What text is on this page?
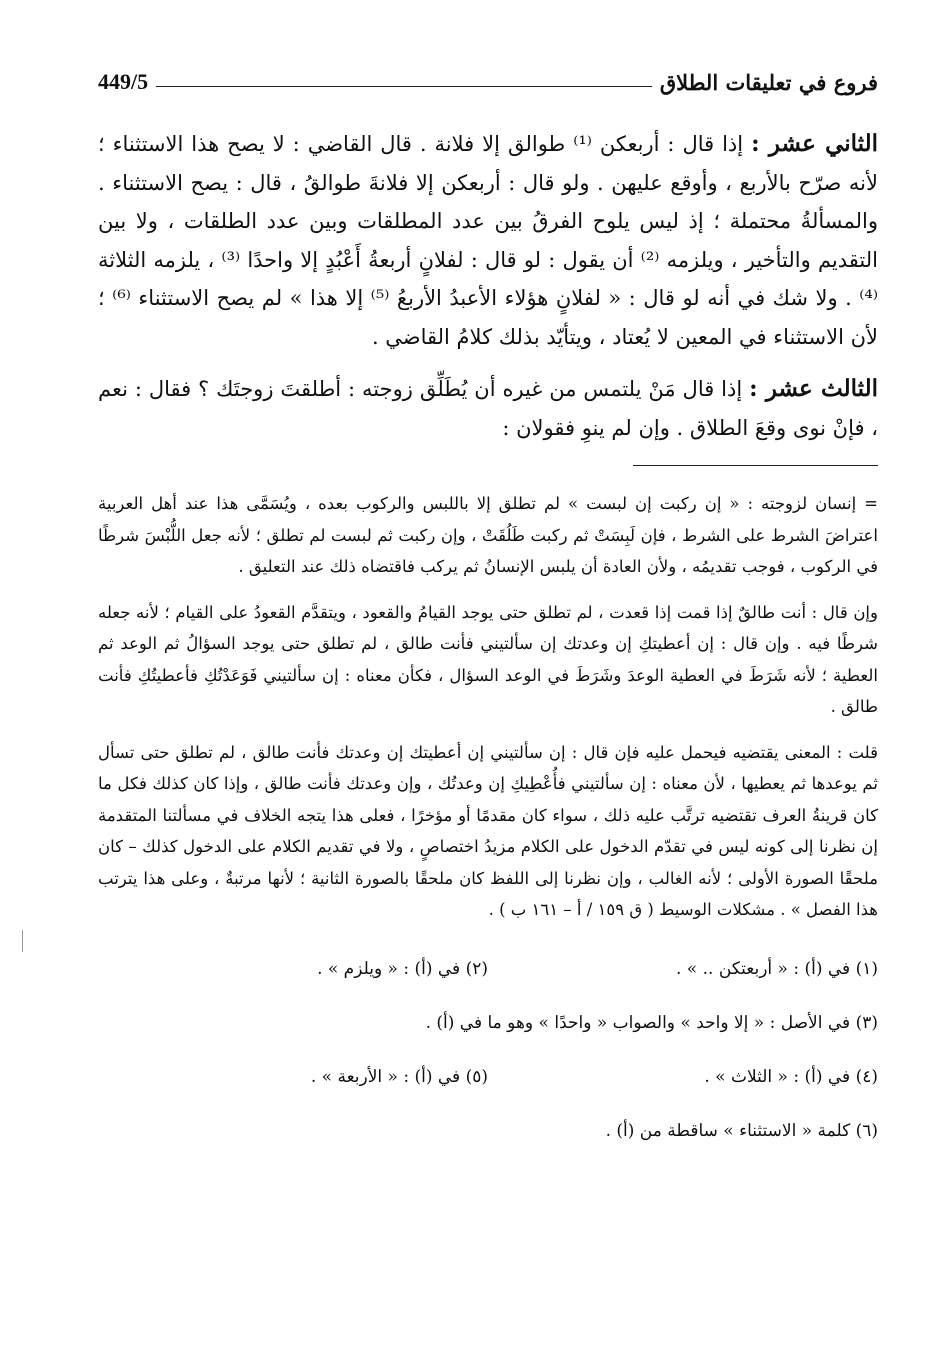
فروع في تعليقات الطلاق
449/5

الثاني عشر : إذا قال : أربعكن ⁽¹⁾ طوالق إلا فلانة . قال القاضي : لا يصح هذا الاستثناء ؛ لأنه صرّح بالأربع ، وأوقع عليهن . ولو قال : أربعكن إلا فلانةَ طوالقُ ، قال : يصح الاستثناء . والمسألةُ محتملة ؛ إذ ليس يلوح الفرقُ بين عدد المطلقات وبين عدد الطلقات ، ولا بين التقديم والتأخير ، ويلزمه ⁽²⁾ أن يقول : لو قال : لفلانٍ أربعةُ أَعْبُدٍ إلا واحدًا ⁽³⁾ ، يلزمه الثلاثة ⁽⁴⁾ . ولا شك في أنه لو قال : « لفلانٍ هؤلاء الأعبدُ الأربعُ ⁽⁵⁾ إلا هذا » لم يصح الاستثناء ⁽⁶⁾ ؛ لأن الاستثناء في المعين لا يُعتاد ، ويتأيّد بذلك كلامُ القاضي .

الثالث عشر : إذا قال مَنْ يلتمس من غيره أن يُطَلِّق زوجته : أطلقتَ زوجتَك ؟ فقال : نعم ، فإنْ نوى وقعَ الطلاق . وإن لم ينوِ فقولان :

= إنسان لزوجته : « إن ركبت إن لبست » لم تطلق إلا باللبس والركوب بعده ، ويُسَمَّى هذا عند أهل العربية اعتراضَ الشرط على الشرط ، فإن لَبِسَتْ ثم ركبت طَلُقَتْ ، وإن ركبت ثم لبست لم تطلق ؛ لأنه جعل اللُّبْسَ شرطًا في الركوب ، فوجب تقديمُه ، ولأن العادة أن يلبس الإنسانُ ثم يركب فاقتضاه ذلك عند التعليق .

وإن قال : أنت طالقٌ إذا قمت إذا قعدت ، لم تطلق حتى يوجد القيامُ والقعود ، ويتقدَّم القعودُ على القيام ؛ لأنه جعله شرطًا فيه . وإن قال : إن أعطيتكِ إن وعدتك إن سألتيني فأنت طالق ، لم تطلق حتى يوجد السؤالُ ثم الوعد ثم العطية ؛ لأنه شَرَطَ في العطية الوعدَ وشَرَطَ في الوعد السؤال ، فكأن معناه : إن سألتيني فَوَعَدْتُكِ فأعطيتُكِ فأنت طالق .

قلت : المعنى يقتضيه فيحمل عليه فإن قال : إن سألتيني إن أعطيتك إن وعدتك فأنت طالق ، لم تطلق حتى تسأل ثم يوعدها ثم يعطيها ، لأن معناه : إن سألتيني فأُعْطِيكِ إن وعدتُك ، وإن وعدتك فأنت طالق ، وإذا كان كذلك فكل ما كان قرينةُ العرف تقتضيه ترتَّب عليه ذلك ، سواء كان مقدمًا أو مؤخرًا ، فعلى هذا يتجه الخلاف في مسألتنا المتقدمة إن نظرنا إلى كونه ليس في تقدّم الدخول على الكلام مزيدُ اختصاصٍ ، ولا في تقديم الكلام على الدخول كذلك – كان ملحقًا الصورة الأولى ؛ لأنه الغالب ، وإن نظرنا إلى اللفظ كان ملحقًا بالصورة الثانية ؛ لأنها مرتبةٌ ، وعلى هذا يترتب هذا الفصل » . مشكلات الوسيط ( ق ١٥٩ / أ – ١٦١ ب ) .

(١) في (أ) : « أربعتكن .. » .
(٢) في (أ) : « ويلزم » .
(٣) في الأصل : « إلا واحد » والصواب « واحدًا » وهو ما في (أ) .
(٤) في (أ) : « الثلاث » .
(٥) في (أ) : « الأربعة » .
(٦) كلمة « الاستثناء » ساقطة من (أ) .
